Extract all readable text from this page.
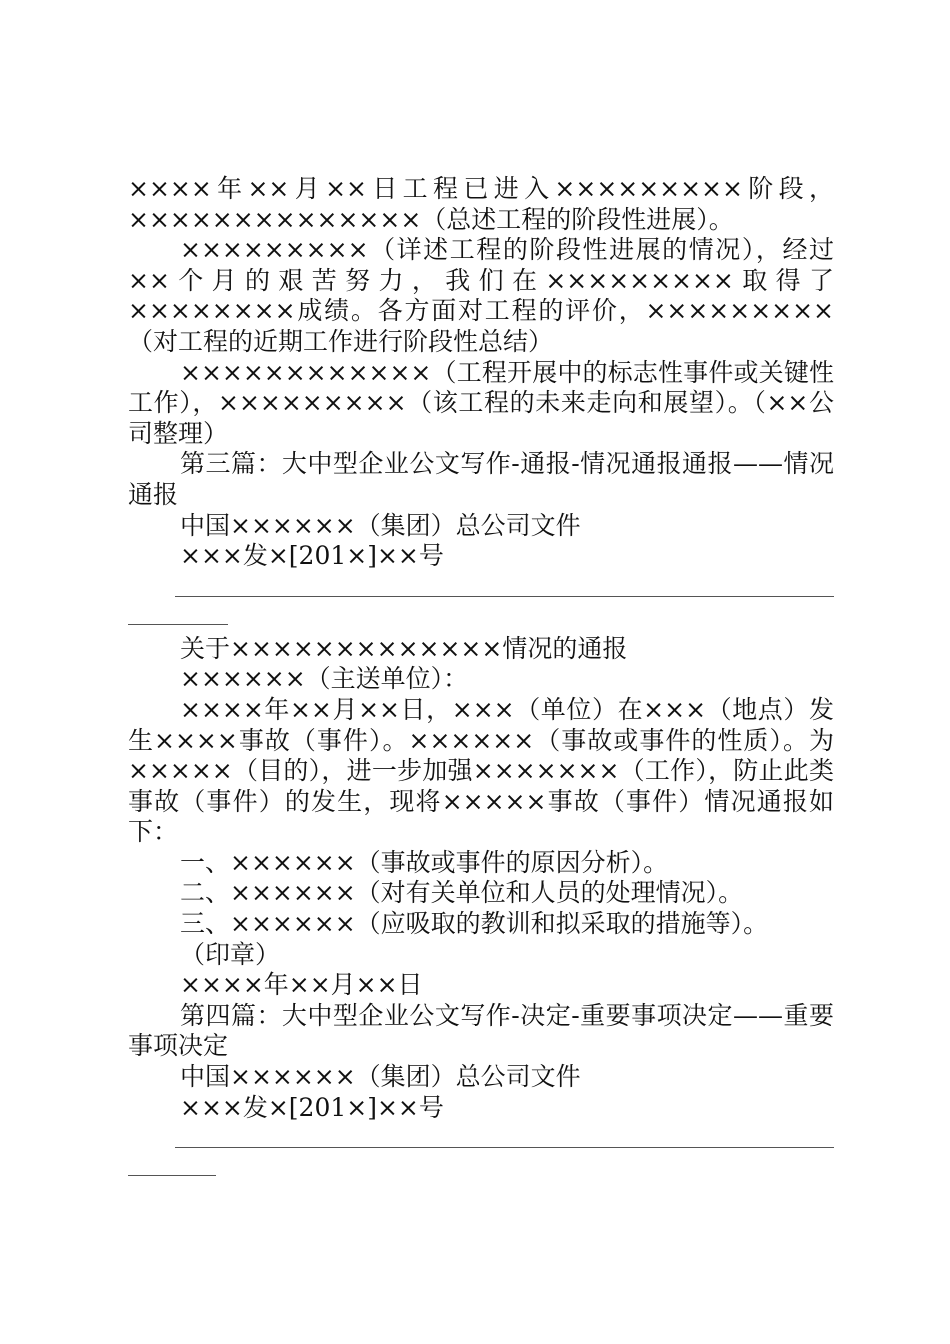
××××年××月××日工程已进入×××××××××阶段，××××××××××××××（总述工程的阶段性进展）。

×××××××××（详述工程的阶段性进展的情况），经过××个月的艰苦努力，我们在×××××××××取得了××××××××成绩。各方面对工程的评价，×××××××××（对工程的近期工作进行阶段性总结）

××××××××××××（工程开展中的标志性事件或关键性工作），×××××××××（该工程的未来走向和展望）。（××公司整理）

第三篇：大中型企业公文写作-通报-情况通报通报——情况通报

中国××××××（集团）总公司文件

×××发×[201×]××号

关于×××××××××××××情况的通报

××××××（主送单位）：

××××年××月××日，×××（单位）在×××（地点）发生××××事故（事件）。××××××（事故或事件的性质）。为×××××（目的），进一步加强×××××××（工作），防止此类事故（事件）的发生，现将×××××事故（事件）情况通报如下：

一、××××××（事故或事件的原因分析）。

二、××××××（对有关单位和人员的处理情况）。

三、××××××（应吸取的教训和拟采取的措施等）。

（印章）

××××年××月××日

第四篇：大中型企业公文写作-决定-重要事项决定——重要事项决定

中国××××××（集团）总公司文件

×××发×[201×]××号
